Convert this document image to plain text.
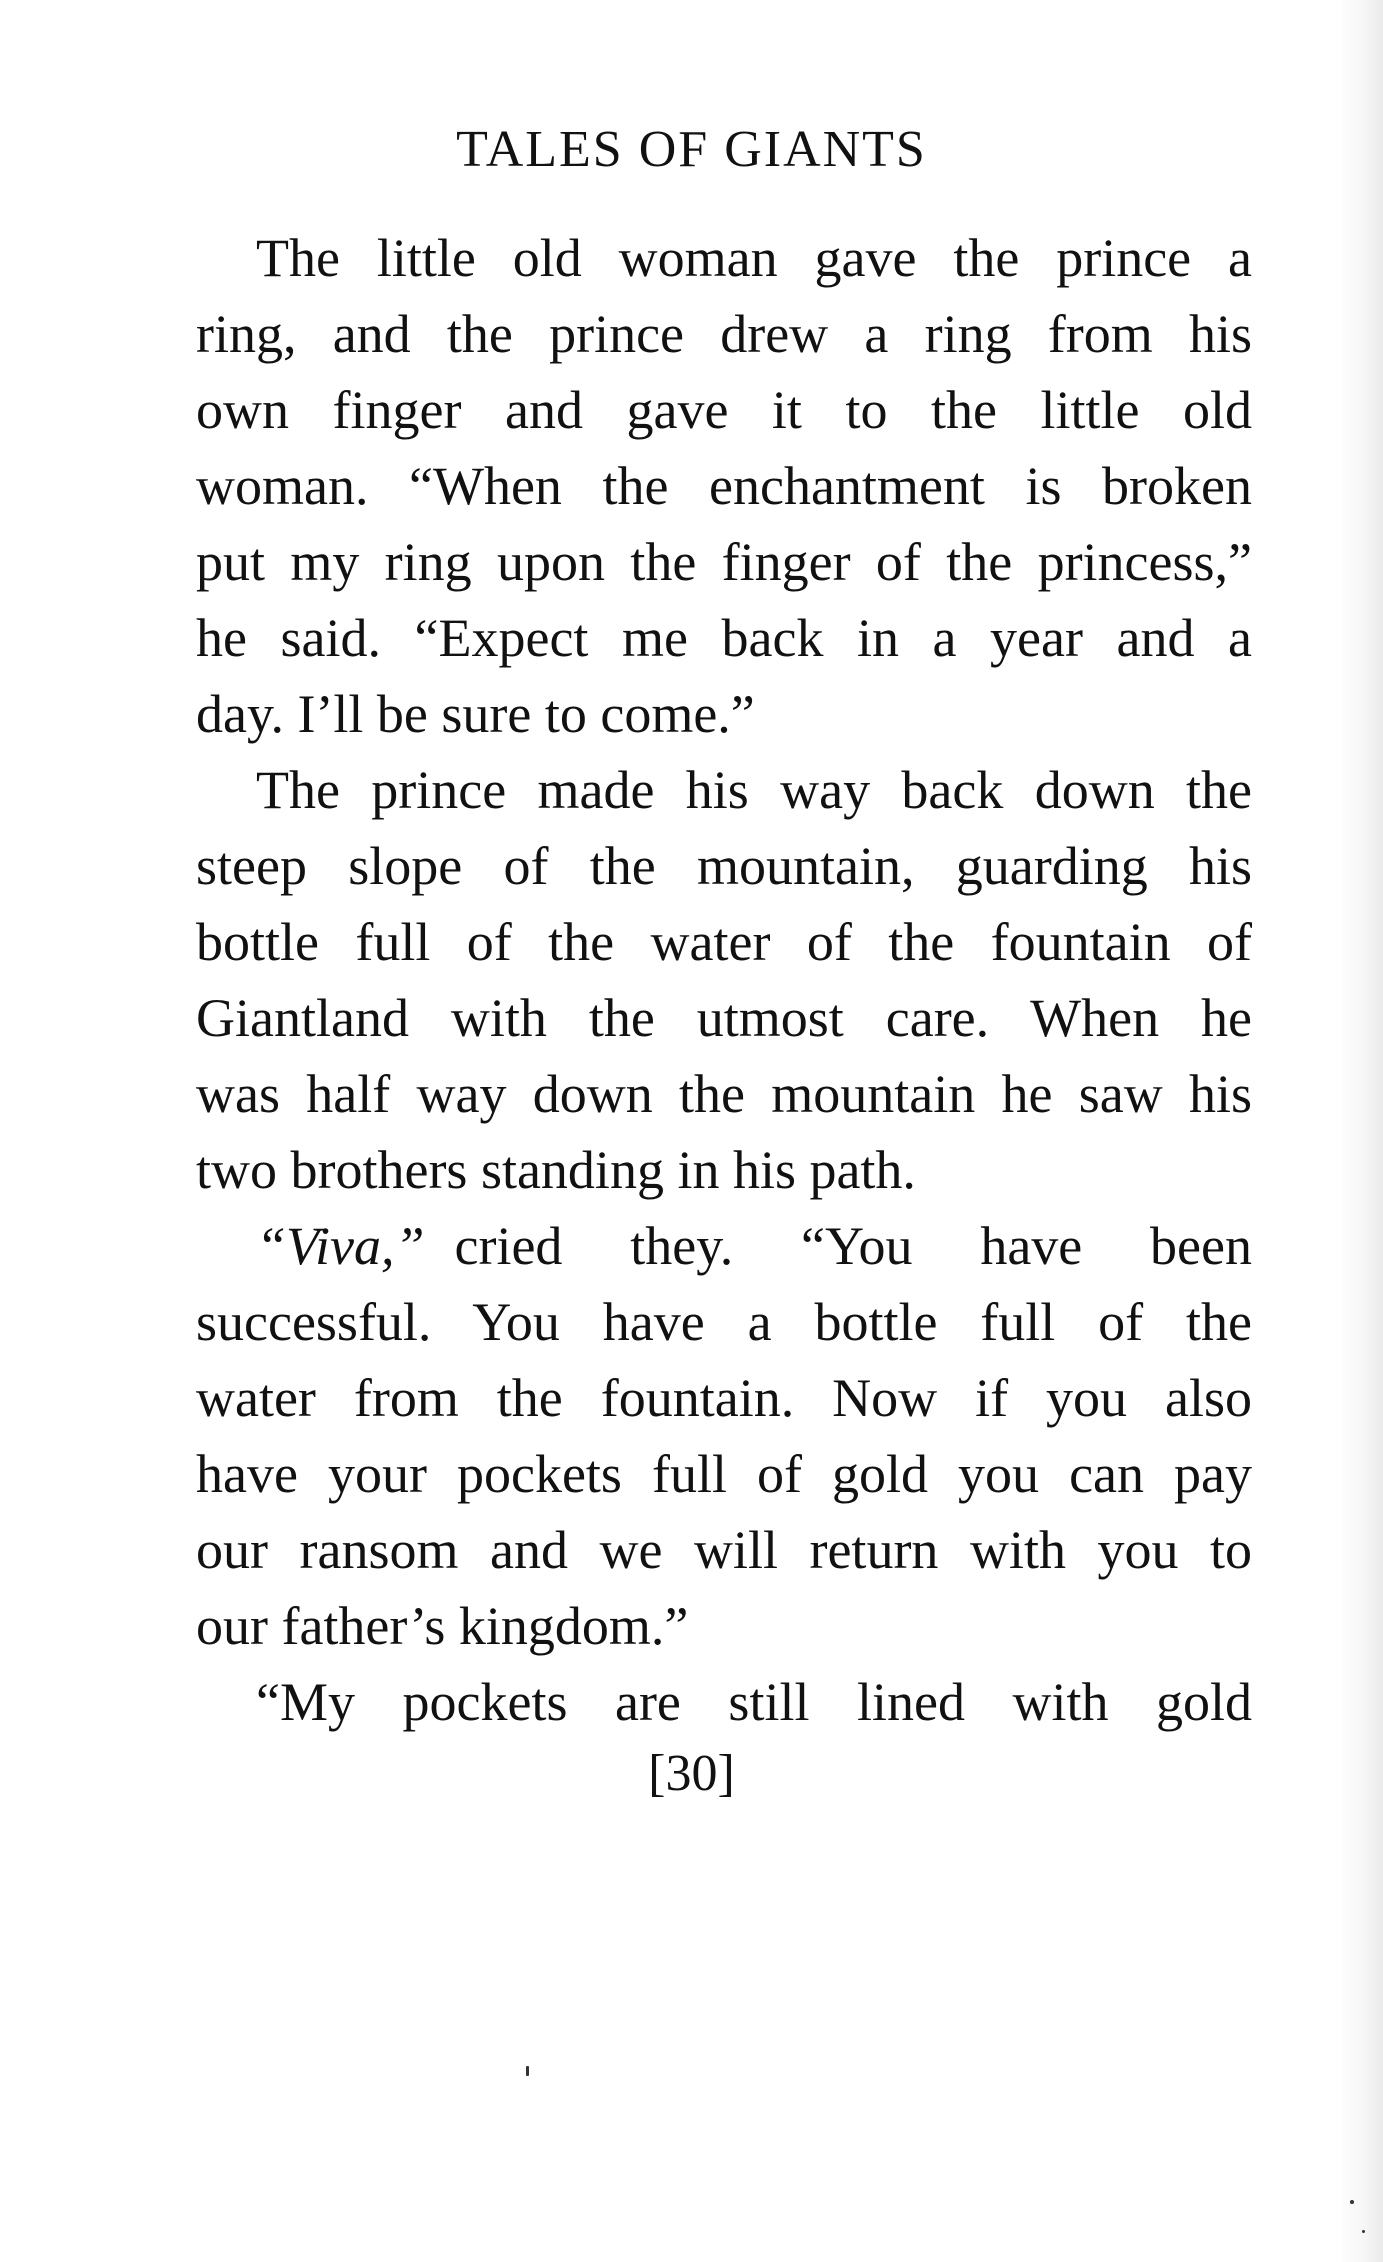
TALES OF GIANTS
The little old woman gave the prince a
ring, and the prince drew a ring from his
own finger and gave it to the little old
woman. “When the enchantment is broken
put my ring upon the finger of the princess,”
he said. “Expect me back in a year and a
day. I’ll be sure to come.”
The prince made his way back down the
steep slope of the mountain, guarding his
bottle full of the water of the fountain of
Giantland with the utmost care. When he
was half way down the mountain he saw his
two brothers standing in his path.
“Viva,” cried they. “You have been
successful. You have a bottle full of the
water from the fountain. Now if you also
have your pockets full of gold you can pay
our ransom and we will return with you to
our father’s kingdom.”
“My pockets are still lined with gold
[30]
